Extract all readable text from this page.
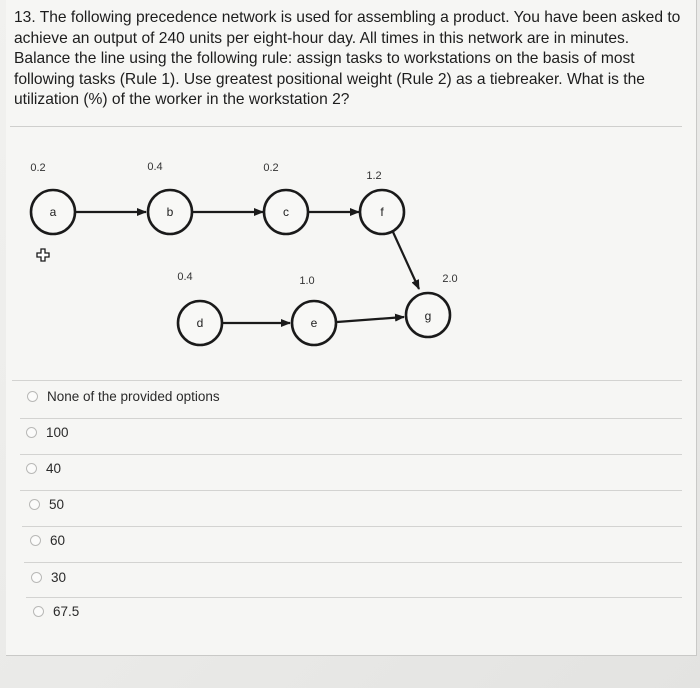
13. The following precedence network is used for assembling a product. You have been asked to achieve an output of 240 units per eight-hour day. All times in this network are in minutes. Balance the line using the following rule: assign tasks to workstations on the basis of most following tasks (Rule 1). Use greatest positional weight (Rule 2) as a tiebreaker. What is the utilization (%) of the worker in the workstation 2?

a	b	c	f
d	e	g
0.2	0.4	0.2
1.2
0.4	1.0	2.0
None of the provided options
100
40
50
60
30
67.5
